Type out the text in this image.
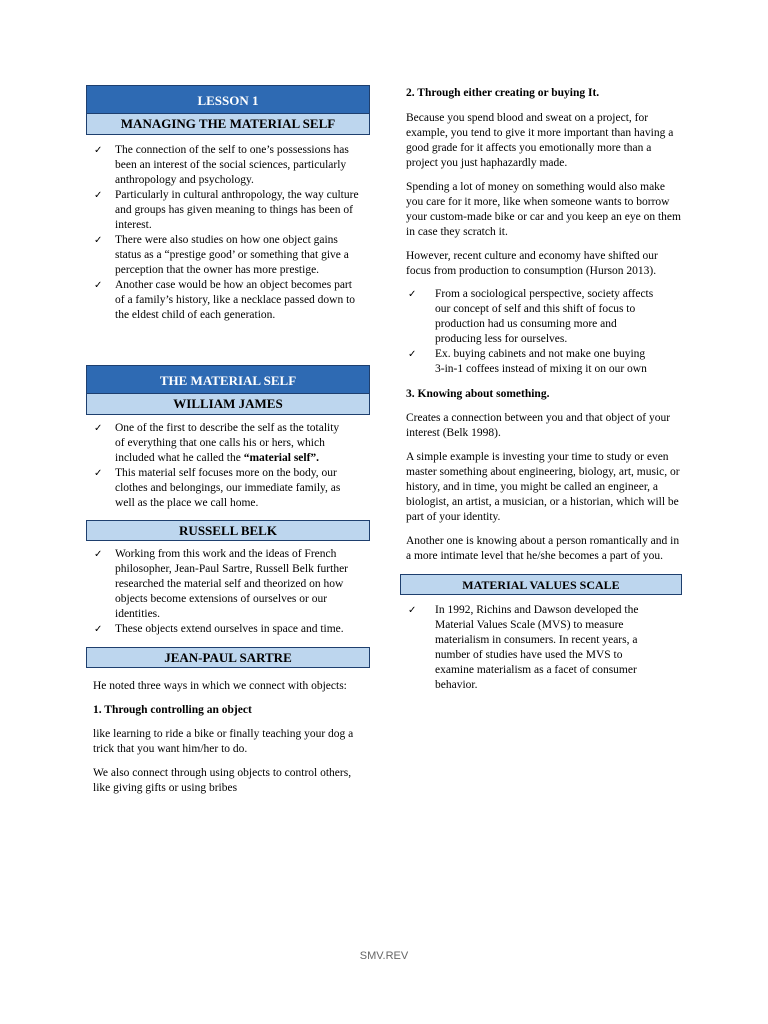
LESSON 1
MANAGING THE MATERIAL SELF
✓ The connection of the self to one’s possessions has been an interest of the social sciences, particularly anthropology and psychology.
✓ Particularly in cultural anthropology, the way culture and groups has given meaning to things has been of interest.
✓ There were also studies on how one object gains status as a “prestige good’ or something that give a perception that the owner has more prestige.
✓ Another case would be how an object becomes part of a family’s history, like a necklace passed down to the eldest child of each generation.
THE MATERIAL SELF
WILLIAM JAMES
✓ One of the first to describe the self as the totality of everything that one calls his or hers, which included what he called the “material self”.
✓ This material self focuses more on the body, our clothes and belongings, our immediate family, as well as the place we call home.
RUSSELL BELK
✓ Working from this work and the ideas of French philosopher, Jean-Paul Sartre, Russell Belk further researched the material self and theorized on how objects become extensions of ourselves or our identities.
✓ These objects extend ourselves in space and time.
JEAN-PAUL SARTRE

He noted three ways in which we connect with objects:

1. Through controlling an object

like learning to ride a bike or finally teaching your dog a trick that you want him/her to do.

We also connect through using objects to control others, like giving gifts or using bribes

2. Through either creating or buying It.

Because you spend blood and sweat on a project, for example, you tend to give it more important than having a good grade for it affects you emotionally more than a project you just haphazardly made.

Spending a lot of money on something would also make you care for it more, like when someone wants to borrow your custom-made bike or car and you keep an eye on them in case they scratch it.

However, recent culture and economy have shifted our focus from production to consumption (Hurson 2013).

✓ From a sociological perspective, society affects our concept of self and this shift of focus to production had us consuming more and producing less for ourselves.
✓ Ex. buying cabinets and not make one buying 3-in-1 coffees instead of mixing it on our own

3. Knowing about something.

Creates a connection between you and that object of your interest (Belk 1998).

A simple example is investing your time to study or even master something about engineering, biology, art, music, or history, and in time, you might be called an engineer, a biologist, an artist, a musician, or a historian, which will be part of your identity.

Another one is knowing about a person romantically and in a more intimate level that he/she becomes a part of you.

MATERIAL VALUES SCALE
✓ In 1992, Richins and Dawson developed the Material Values Scale (MVS) to measure materialism in consumers. In recent years, a number of studies have used the MVS to examine materialism as a facet of consumer behavior.
SMV.REV
